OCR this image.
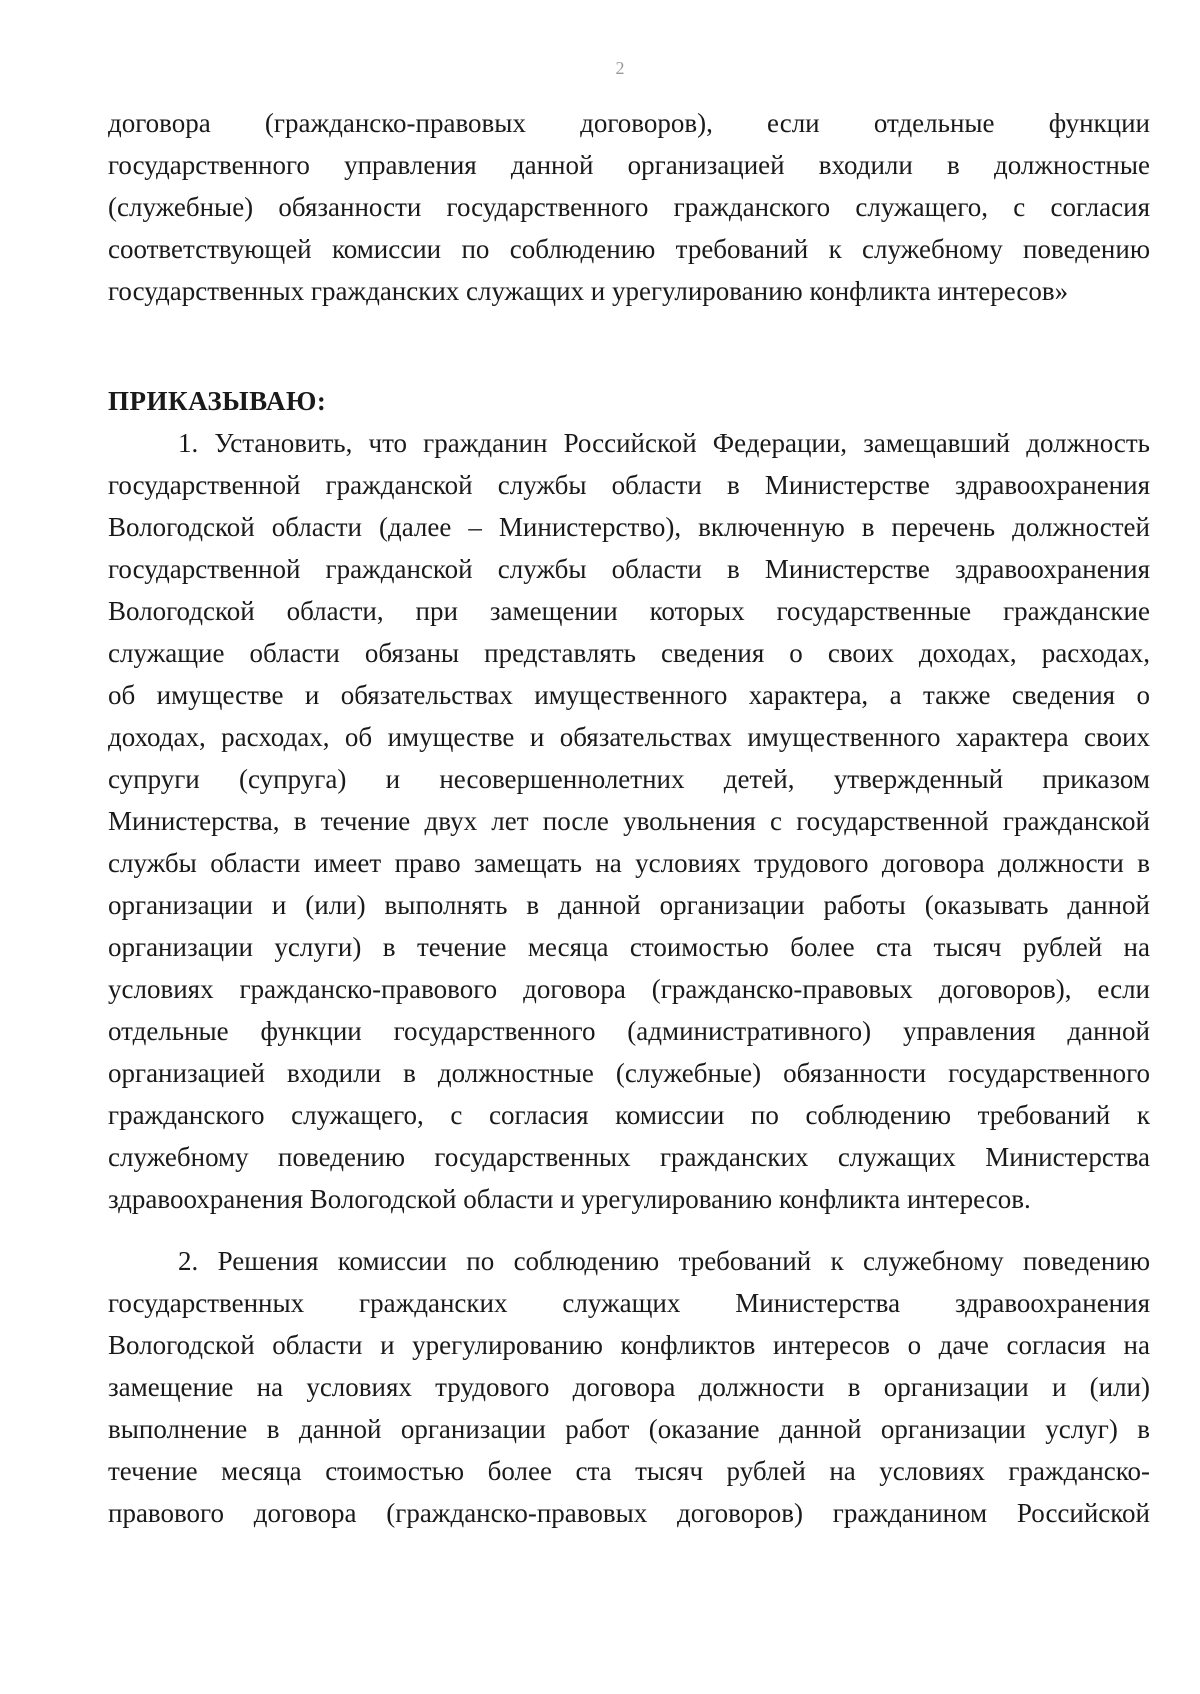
2
договора (гражданско-правовых договоров), если отдельные функции
государственного управления данной организацией входили в должностные
(служебные) обязанности государственного гражданского служащего, с согласия
соответствующей комиссии по соблюдению требований к служебному поведению
государственных гражданских служащих и урегулированию конфликта интересов»
ПРИКАЗЫВАЮ:
1. Установить, что гражданин Российской Федерации, замещавший должность
государственной гражданской службы области в Министерстве здравоохранения
Вологодской области (далее – Министерство), включенную в перечень должностей
государственной гражданской службы области в Министерстве здравоохранения
Вологодской области, при замещении которых государственные гражданские
служащие области обязаны представлять сведения о своих доходах, расходах,
об имуществе и обязательствах имущественного характера, а также сведения о
доходах, расходах, об имуществе и обязательствах имущественного характера своих
супруги (супруга) и несовершеннолетних детей, утвержденный приказом
Министерства, в течение двух лет после увольнения с государственной гражданской
службы области имеет право замещать на условиях трудового договора должности в
организации и (или) выполнять в данной организации работы (оказывать данной
организации услуги) в течение месяца стоимостью более ста тысяч рублей на
условиях гражданско-правового договора (гражданско-правовых договоров), если
отдельные функции государственного (административного) управления данной
организацией входили в должностные (служебные) обязанности государственного
гражданского служащего, с согласия комиссии по соблюдению требований к
служебному поведению государственных гражданских служащих Министерства
здравоохранения Вологодской области и урегулированию конфликта интересов.
2. Решения комиссии по соблюдению требований к служебному поведению
государственных гражданских служащих Министерства здравоохранения
Вологодской области и урегулированию конфликтов интересов о даче согласия на
замещение на условиях трудового договора должности в организации и (или)
выполнение в данной организации работ (оказание данной организации услуг) в
течение месяца стоимостью более ста тысяч рублей на условиях гражданско-
правового договора (гражданско-правовых договоров) гражданином Российской
